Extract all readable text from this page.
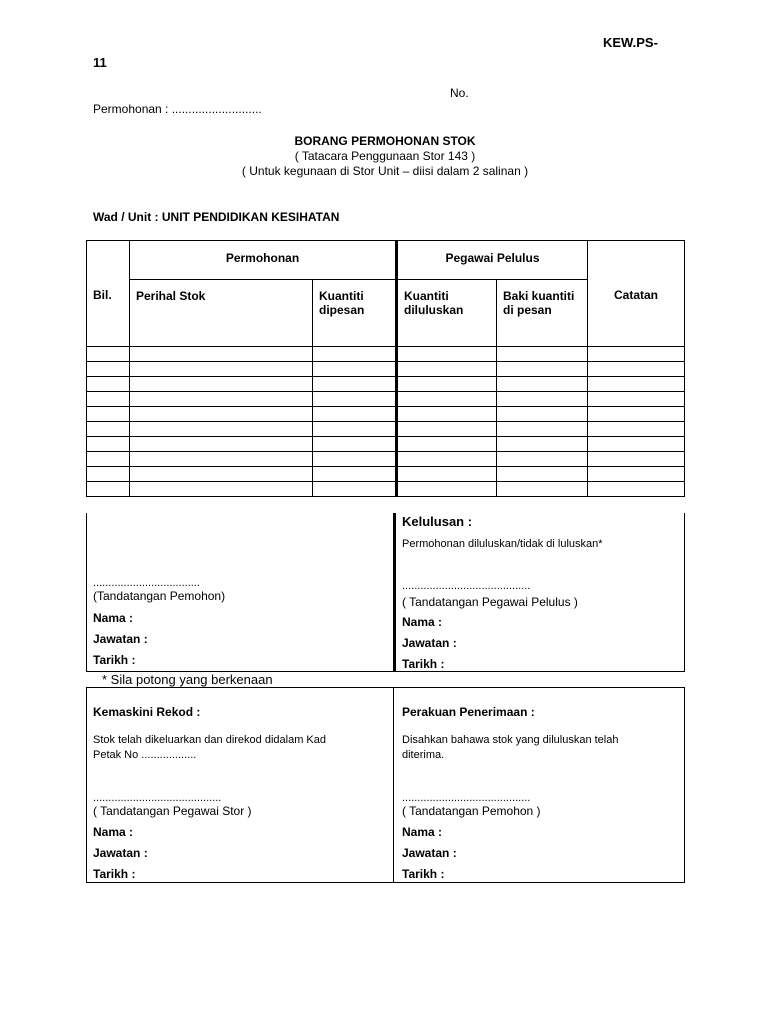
KEW.PS-
11
No.
Permohonan : ...........................
BORANG PERMOHONAN STOK
( Tatacara Penggunaan Stor 143 )
( Untuk kegunaan di Stor Unit – diisi dalam 2 salinan )
Wad / Unit : UNIT PENDIDIKAN KESIHATAN
Bil.	Permohonan		Pegawai Pelulus		Catatan

	Perihal Stok	Kuantiti dipesan	Kuantiti diluluskan	Baki kuantiti di pesan	

...................................
(Tandatangan Pemohon)
Nama :
Jawatan :
Tarikh :
Kelulusan :
Permohonan diluluskan/tidak di luluskan*
..........................................
( Tandatangan Pegawai Pelulus )
Nama :
Jawatan :
Tarikh :
* Sila potong yang berkenaan
Kemaskini Rekod :
Stok telah dikeluarkan dan direkod didalam Kad
Petak No ..................
..........................................
( Tandatangan Pegawai Stor )
Nama :
Jawatan :
Tarikh :
Perakuan Penerimaan :
Disahkan bahawa stok yang diluluskan telah
diterima.
..........................................
( Tandatangan Pemohon )
Nama :
Jawatan :
Tarikh :
